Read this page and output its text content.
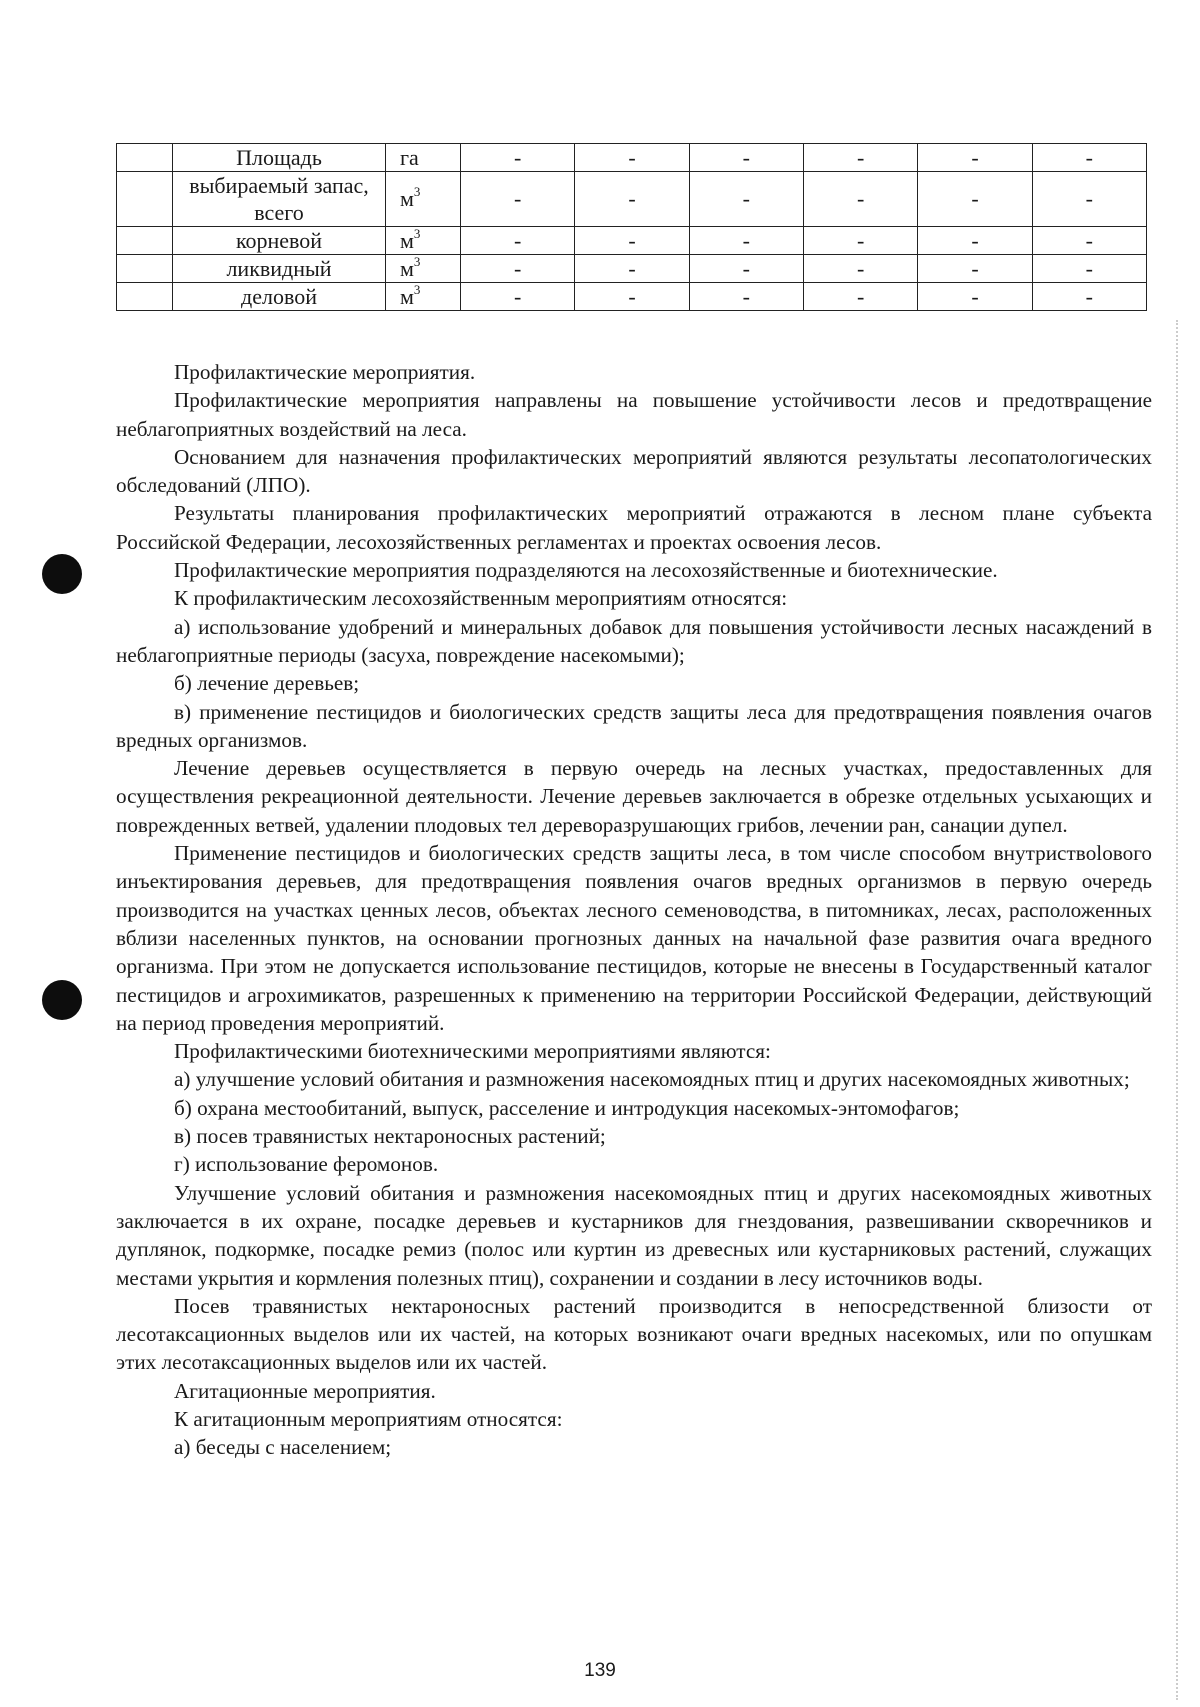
	Площадь	га	-	-	-	-	-	-
	выбираемый запас, всего	$м^3$	-	-	-	-	-	-
	корневой	$м^3$	-	-	-	-	-	-
	ликвидный	$м^3$	-	-	-	-	-	-
	деловой	$м^3$	-	-	-	-	-	-

Профилактические мероприятия.

Профилактические мероприятия направлены на повышение устойчивости лесов и предотвращение неблагоприятных воздействий на леса.

Основанием для назначения профилактических мероприятий являются результаты лесопатологических обследований (ЛПО).

Результаты планирования профилактических мероприятий отражаются в лесном плане субъекта Российской Федерации, лесохозяйственных регламентах и проектах освоения лесов.

Профилактические мероприятия подразделяются на лесохозяйственные и биотехнические.

К профилактическим лесохозяйственным мероприятиям относятся:

а) использование удобрений и минеральных добавок для повышения устойчивости лесных насаждений в неблагоприятные периоды (засуха, повреждение насекомыми);

б) лечение деревьев;

в) применение пестицидов и биологических средств защиты леса для предотвращения появления очагов вредных организмов.

Лечение деревьев осуществляется в первую очередь на лесных участках, предоставленных для осуществления рекреационной деятельности. Лечение деревьев заключается в обрезке отдельных усыхающих и поврежденных ветвей, удалении плодовых тел дереворазрушающих грибов, лечении ран, санации дупел.

Применение пестицидов и биологических средств защиты леса, в том числе способом внутриствolового инъектирования деревьев, для предотвращения появления очагов вредных организмов в первую очередь производится на участках ценных лесов, объектах лесного семеноводства, в питомниках, лесах, расположенных вблизи населенных пунктов, на основании прогнозных данных на начальной фазе развития очага вредного организма. При этом не допускается использование пестицидов, которые не внесены в Государственный каталог пестицидов и агрохимикатов, разрешенных к применению на территории Российской Федерации, действующий на период проведения мероприятий.

Профилактическими биотехническими мероприятиями являются:

а) улучшение условий обитания и размножения насекомоядных птиц и других насекомоядных животных;

б) охрана местообитаний, выпуск, расселение и интродукция насекомых-энтомофагов;

в) посев травянистых нектароносных растений;

г) использование феромонов.

Улучшение условий обитания и размножения насекомоядных птиц и других насекомоядных животных заключается в их охране, посадке деревьев и кустарников для гнездования, развешивании скворечников и дуплянок, подкормке, посадке ремиз (полос или куртин из древесных или кустарниковых растений, служащих местами укрытия и кормления полезных птиц), сохранении и создании в лесу источников воды.

Посев травянистых нектароносных растений производится в непосредственной близости от лесотаксационных выделов или их частей, на которых возникают очаги вредных насекомых, или по опушкам этих лесотаксационных выделов или их частей.

Агитационные мероприятия.

К агитационным мероприятиям относятся:

а) беседы с населением;

139
